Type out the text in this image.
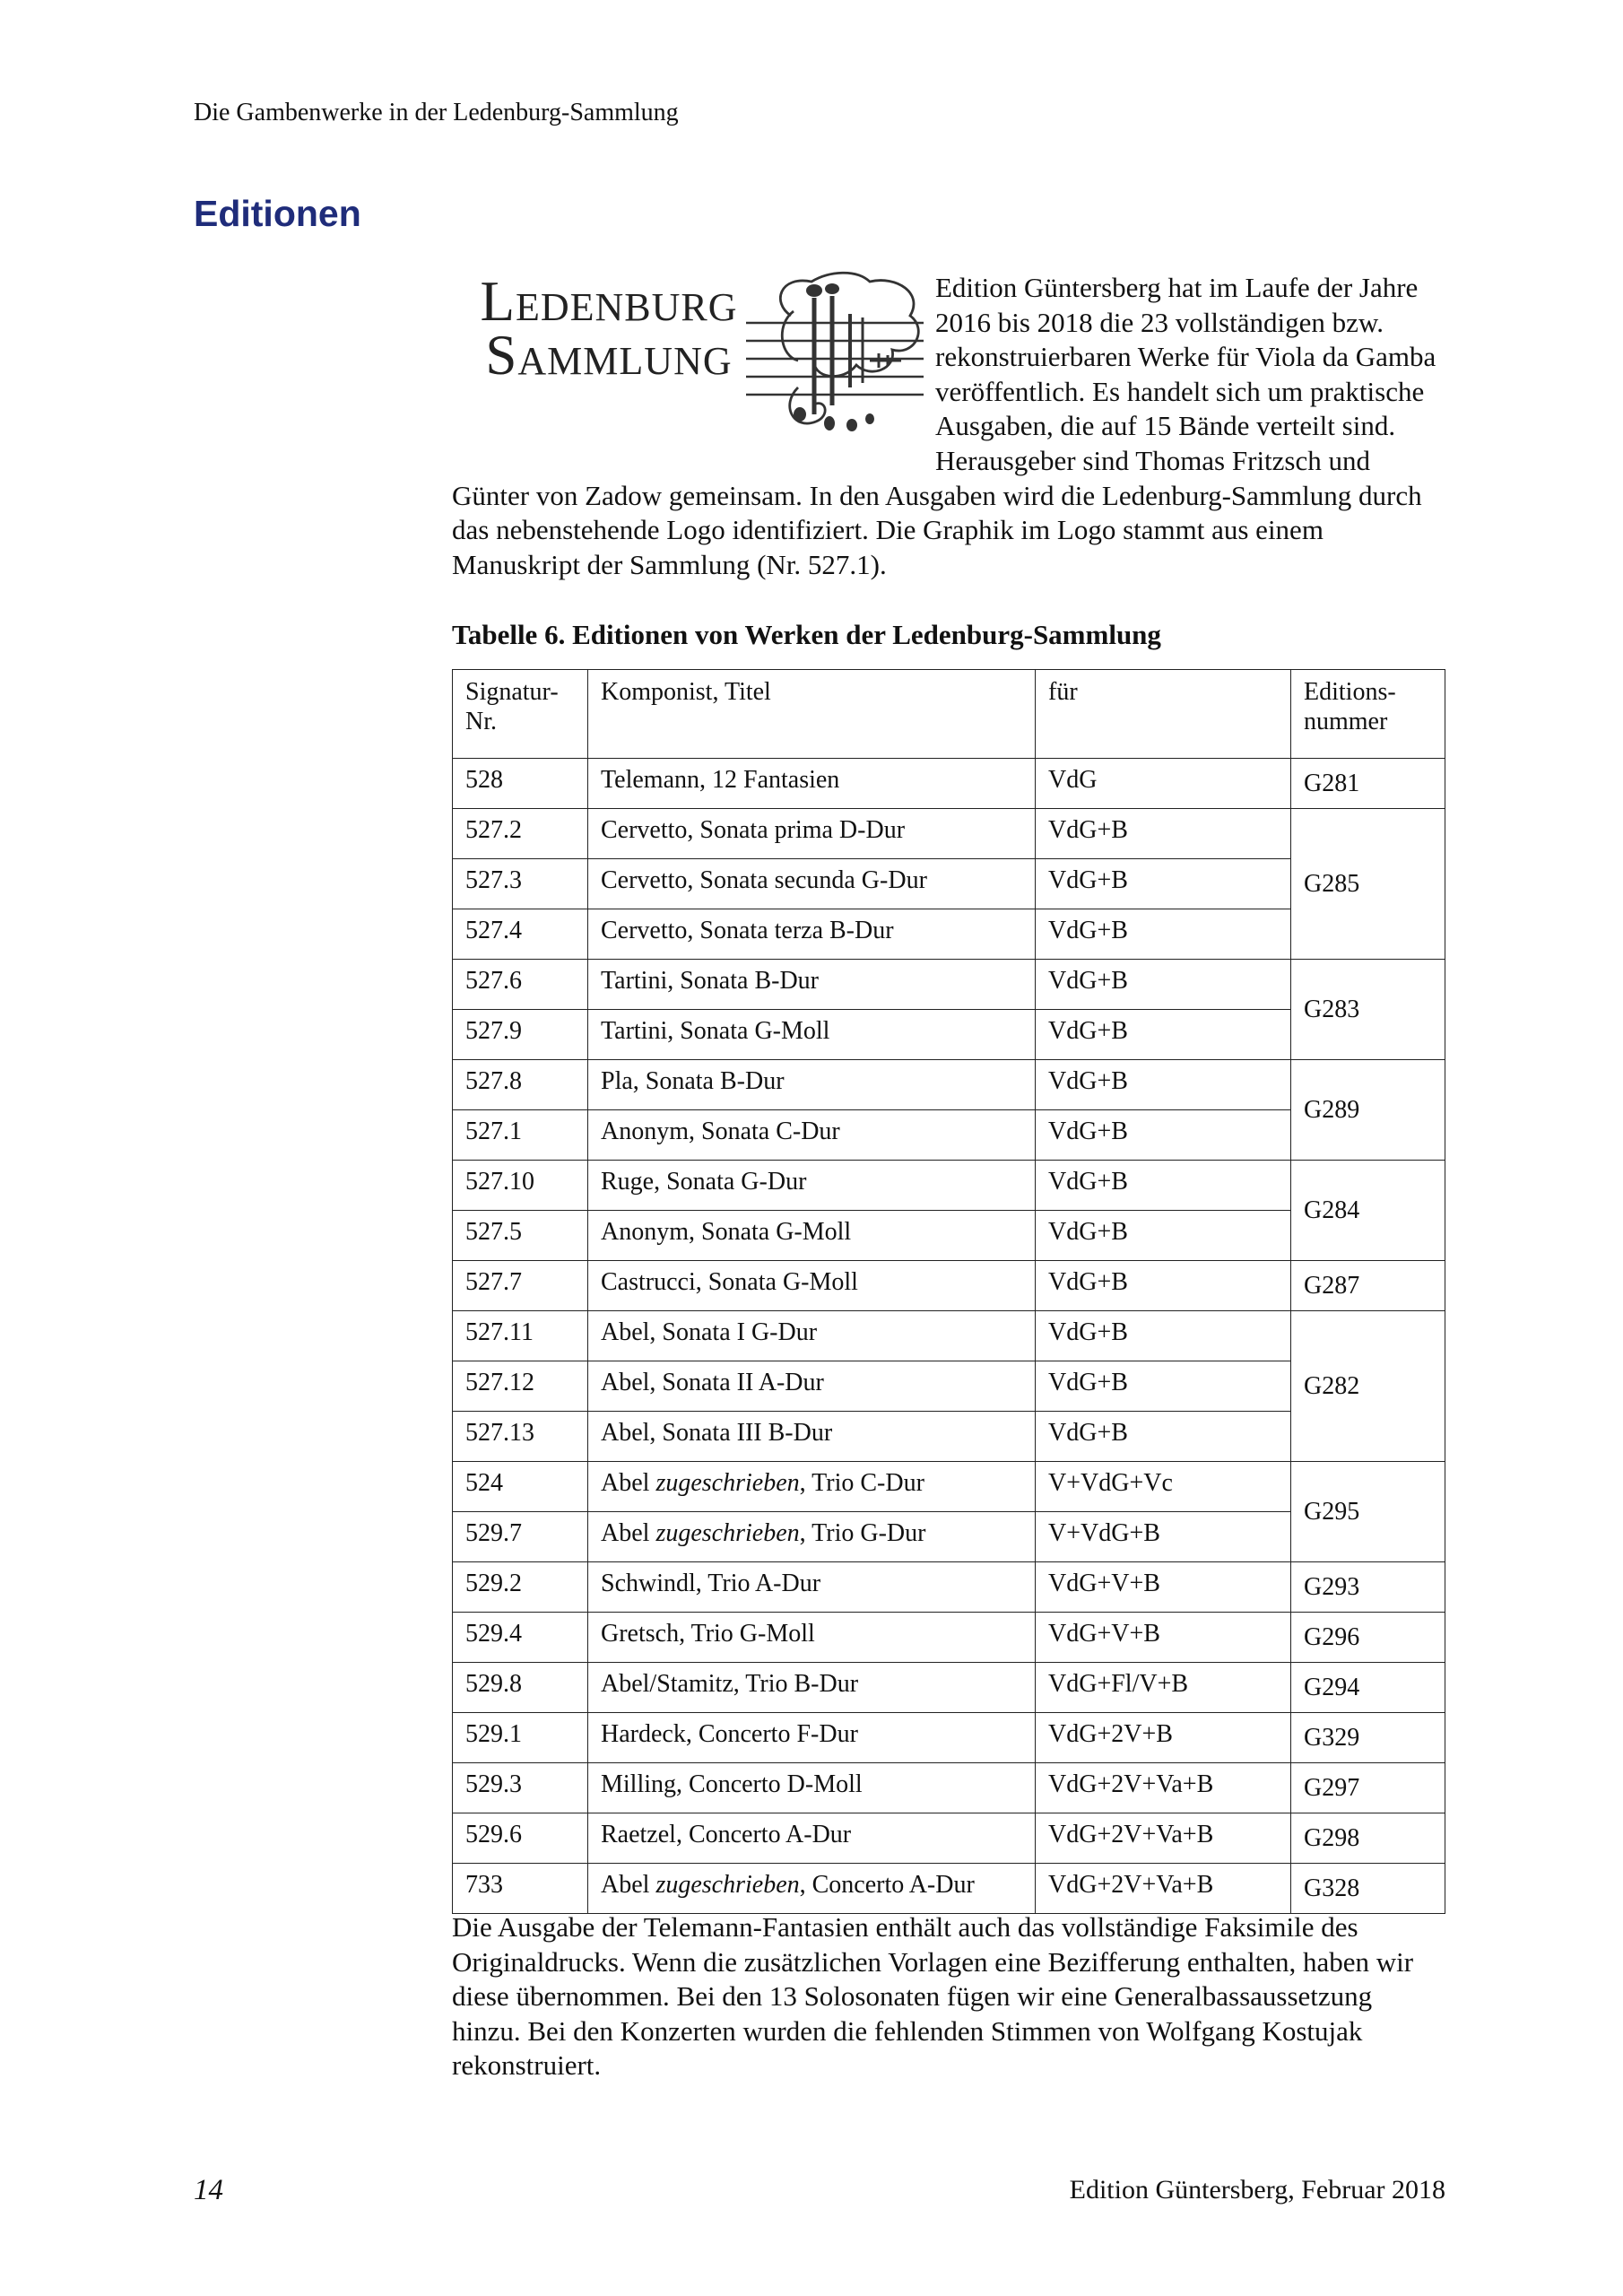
Die Gambenwerke in der Ledenburg-Sammlung
Editionen
Ledenburg
Sammlung

Edition Güntersberg hat im Laufe der Jahre 2016 bis 2018 die 23 vollständigen bzw. rekonstruierbaren Werke für Viola da Gamba veröffentlich. Es handelt sich um praktische Ausgaben, die auf 15 Bände verteilt sind. Herausgeber sind Thomas Fritzsch und Günter von Zadow gemeinsam. In den Ausgaben wird die Ledenburg-Sammlung durch das nebenstehende Logo identifiziert. Die Graphik im Logo stammt aus einem Manuskript der Sammlung (Nr. 527.1).

Tabelle 6. Editionen von Werken der Ledenburg-Sammlung
Signatur-Nr.	Komponist, Titel	für	Editions-nummer
528	Telemann, 12 Fantasien	VdG	G281
527.2	Cervetto, Sonata prima D-Dur	VdG+B	G285
527.3	Cervetto, Sonata secunda G-Dur	VdG+B	
527.4	Cervetto, Sonata terza B-Dur	VdG+B	
527.6	Tartini, Sonata B-Dur	VdG+B	G283
527.9	Tartini, Sonata G-Moll	VdG+B	
527.8	Pla, Sonata B-Dur	VdG+B	G289
527.1	Anonym, Sonata C-Dur	VdG+B	
527.10	Ruge, Sonata G-Dur	VdG+B	G284
527.5	Anonym, Sonata G-Moll	VdG+B	
527.7	Castrucci, Sonata G-Moll	VdG+B	G287
527.11	Abel, Sonata I G-Dur	VdG+B	G282
527.12	Abel, Sonata II A-Dur	VdG+B	
527.13	Abel, Sonata III B-Dur	VdG+B	
524	Abel zugeschrieben, Trio C-Dur	V+VdG+Vc	G295
529.7	Abel zugeschrieben, Trio G-Dur	V+VdG+B	
529.2	Schwindl, Trio A-Dur	VdG+V+B	G293
529.4	Gretsch, Trio G-Moll	VdG+V+B	G296
529.8	Abel/Stamitz, Trio B-Dur	VdG+Fl/V+B	G294
529.1	Hardeck, Concerto F-Dur	VdG+2V+B	G329
529.3	Milling, Concerto D-Moll	VdG+2V+Va+B	G297
529.6	Raetzel, Concerto A-Dur	VdG+2V+Va+B	G298
733	Abel zugeschrieben, Concerto A-Dur	VdG+2V+Va+B	G328

Die Ausgabe der Telemann-Fantasien enthält auch das vollständige Faksimile des Originaldrucks. Wenn die zusätzlichen Vorlagen eine Bezifferung enthalten, haben wir diese übernommen. Bei den 13 Solosonaten fügen wir eine Generalbassaussetzung hinzu. Bei den Konzerten wurden die fehlenden Stimmen von Wolfgang Kostujak rekonstruiert.

14	Edition Güntersberg, Februar 2018
